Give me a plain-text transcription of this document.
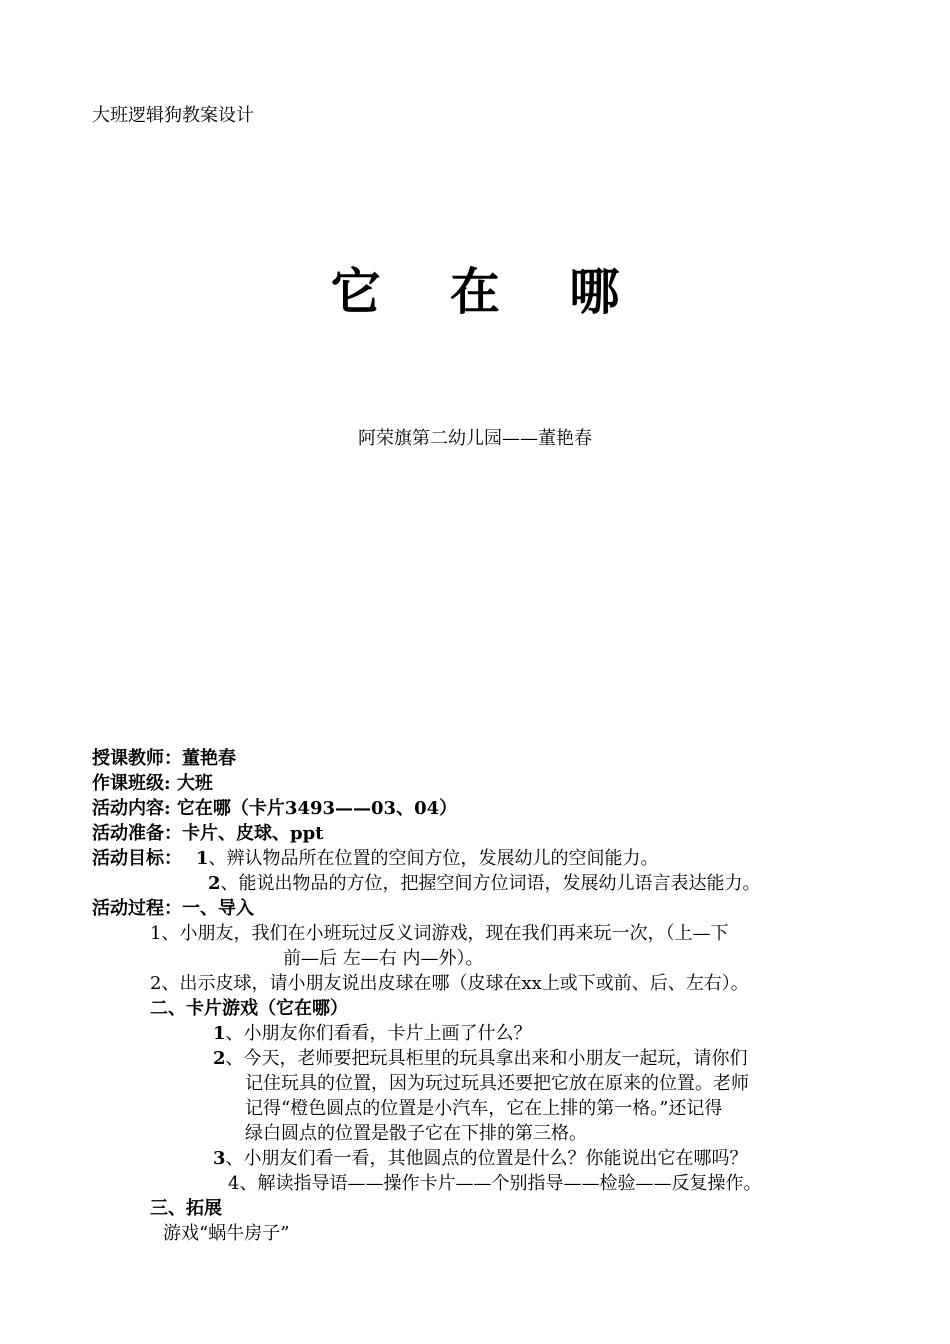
大班逻辑狗教案设计
它 在 哪
阿荣旗第二幼儿园——董艳春
授课教师：董艳春
作课班级: 大班
活动内容: 它在哪（卡片3493——03、04）
活动准备：卡片、皮球、ppt
活动目标： 1、辨认物品所在位置的空间方位，发展幼儿的空间能力。
2、能说出物品的方位，把握空间方位词语，发展幼儿语言表达能力。
活动过程：一、导入
1、小朋友，我们在小班玩过反义词游戏，现在我们再来玩一次，（上—下
前—后 左—右 内—外）。
2、出示皮球，请小朋友说出皮球在哪（皮球在xx上或下或前、后、左右）。
二、卡片游戏（它在哪）
1、小朋友你们看看，卡片上画了什么？
2、今天，老师要把玩具柜里的玩具拿出来和小朋友一起玩，请你们
记住玩具的位置，因为玩过玩具还要把它放在原来的位置。老师
记得“橙色圆点的位置是小汽车，它在上排的第一格。”还记得
绿白圆点的位置是骰子它在下排的第三格。
3、小朋友们看一看，其他圆点的位置是什么？你能说出它在哪吗？
4、解读指导语——操作卡片——个别指导——检验——反复操作。
三、拓展
游戏“蜗牛房子”
